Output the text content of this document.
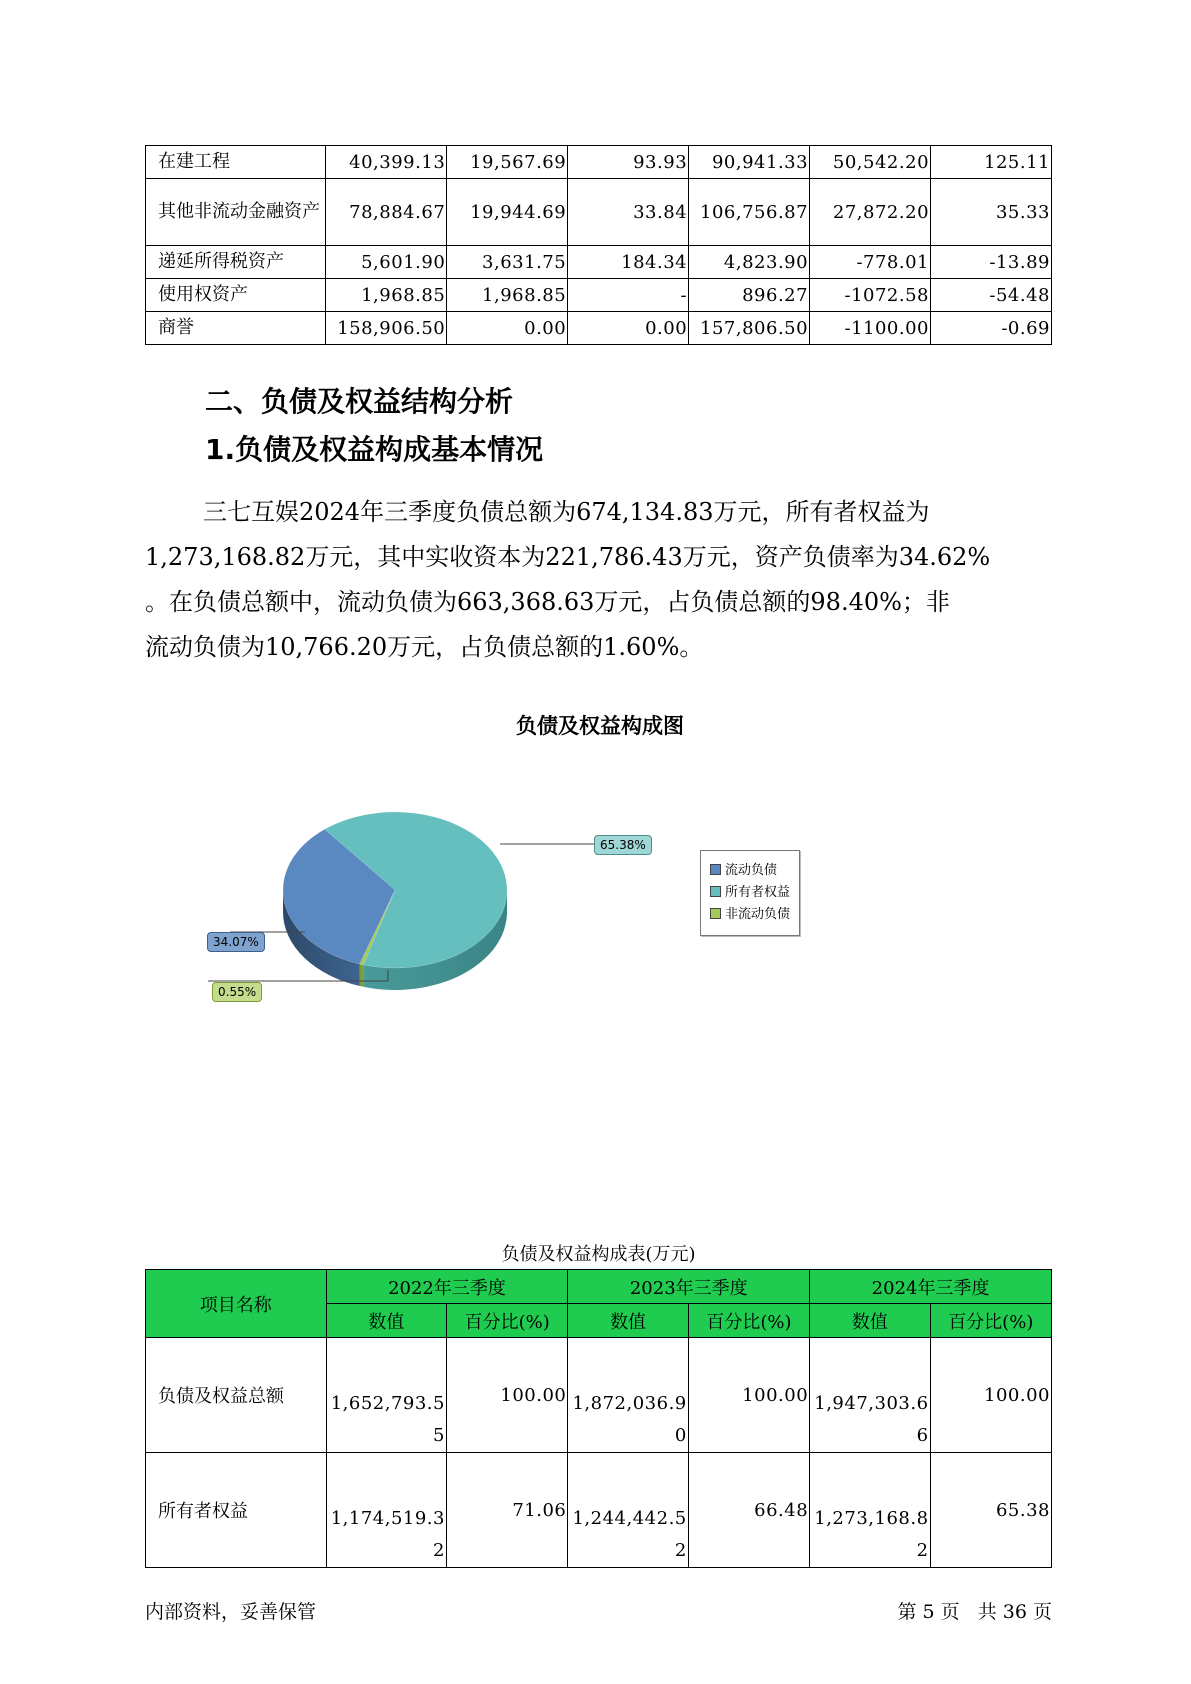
在建工程	40,399.13	19,567.69	93.93	90,941.33	50,542.20	125.11
其他非流动金融资产	78,884.67	19,944.69	33.84	106,756.87	27,872.20	35.33
递延所得税资产	5,601.90	3,631.75	184.34	4,823.90	-778.01	-13.89
使用权资产	1,968.85	1,968.85	-	896.27	-1072.58	-54.48
商誉	158,906.50	0.00	0.00	157,806.50	-1100.00	-0.69
二、负债及权益结构分析
1.负债及权益构成基本情况
三七互娱2024年三季度负债总额为674,134.83万元，所有者权益为
1,273,168.82万元，其中实收资本为221,786.43万元，资产负债率为34.62%
。在负债总额中，流动负债为663,368.63万元，占负债总额的98.40%；非
流动负债为10,766.20万元，占负债总额的1.60%。
负债及权益构成图
65.38%
34.07%
0.55%
流动负债
所有者权益
非流动负债
负债及权益构成表(万元)
项目名称	2022年三季度		2023年三季度		2024年三季度	
	数值	百分比(%)	数值	百分比(%)	数值	百分比(%)
负债及权益总额	1,652,793.55	100.00	1,872,036.90	100.00	1,947,303.66	100.00
所有者权益	1,174,519.32	71.06	1,244,442.52	66.48	1,273,168.82	65.38
内部资料，妥善保管	第 5 页   共 36 页
